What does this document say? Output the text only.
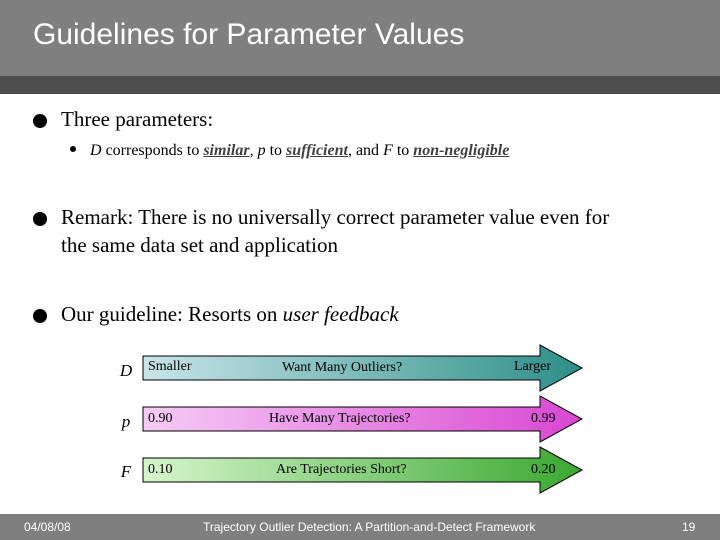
Guidelines for Parameter Values
Three parameters:
D corresponds to similar, p to sufficient, and F to non-negligible
Remark: There is no universally correct parameter value even for
the same data set and application
Our guideline: Resorts on user feedback
D
p
F
Smaller	Want Many Outliers?	Larger
0.90	Have Many Trajectories?	0.99
0.10	Are Trajectories Short?	0.20
04/08/08	Trajectory Outlier Detection: A Partition-and-Detect Framework	19
